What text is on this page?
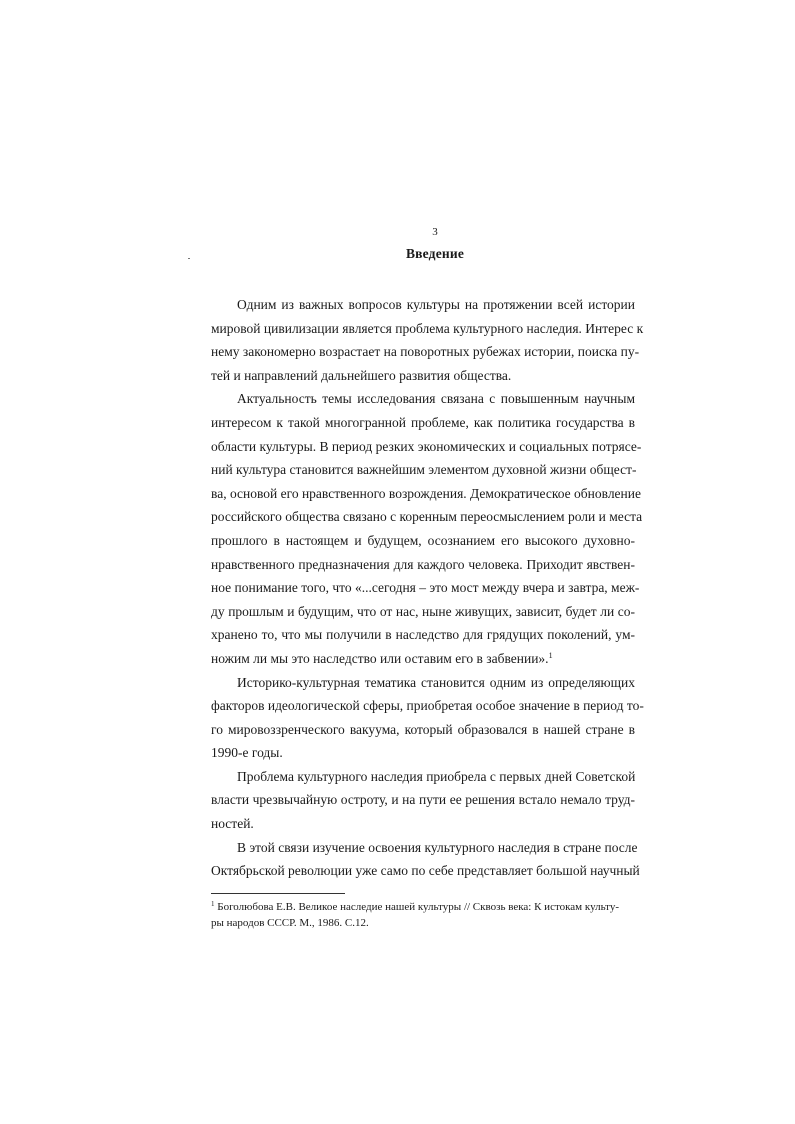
3
Введение

Одним из важных вопросов культуры на протяжении всей истории
мировой цивилизации является проблема культурного наследия. Интерес к
нему закономерно возрастает на поворотных рубежах истории, поиска пу-
тей и направлений дальнейшего развития общества.

Актуальность темы исследования связана с повышенным научным
интересом к такой многогранной проблеме, как политика государства в
области культуры. В период резких экономических и социальных потрясе-
ний культура становится важнейшим элементом духовной жизни общест-
ва, основой его нравственного возрождения. Демократическое обновление
российского общества связано с коренным переосмыслением роли и места
прошлого в настоящем и будущем, осознанием его высокого духовно-
нравственного предназначения для каждого человека. Приходит явствен-
ное понимание того, что «...сегодня – это мост между вчера и завтра, меж-
ду прошлым и будущим, что от нас, ныне живущих, зависит, будет ли со-
хранено то, что мы получили в наследство для грядущих поколений, ум-
ножим ли мы это наследство или оставим его в забвении».$^1$

Историко-культурная тематика становится одним из определяющих
факторов идеологической сферы, приобретая особое значение в период то-
го мировоззренческого вакуума, который образовался в нашей стране в
1990-е годы.

Проблема культурного наследия приобрела с первых дней Советской
власти чрезвычайную остроту, и на пути ее решения встало немало труд-
ностей.

В этой связи изучение освоения культурного наследия в стране после
Октябрьской революции уже само по себе представляет большой научный

$^1$ Боголюбова Е.В. Великое наследие нашей культуры // Сквозь века: К истокам культу-
ры народов СССР. М., 1986. С.12.
